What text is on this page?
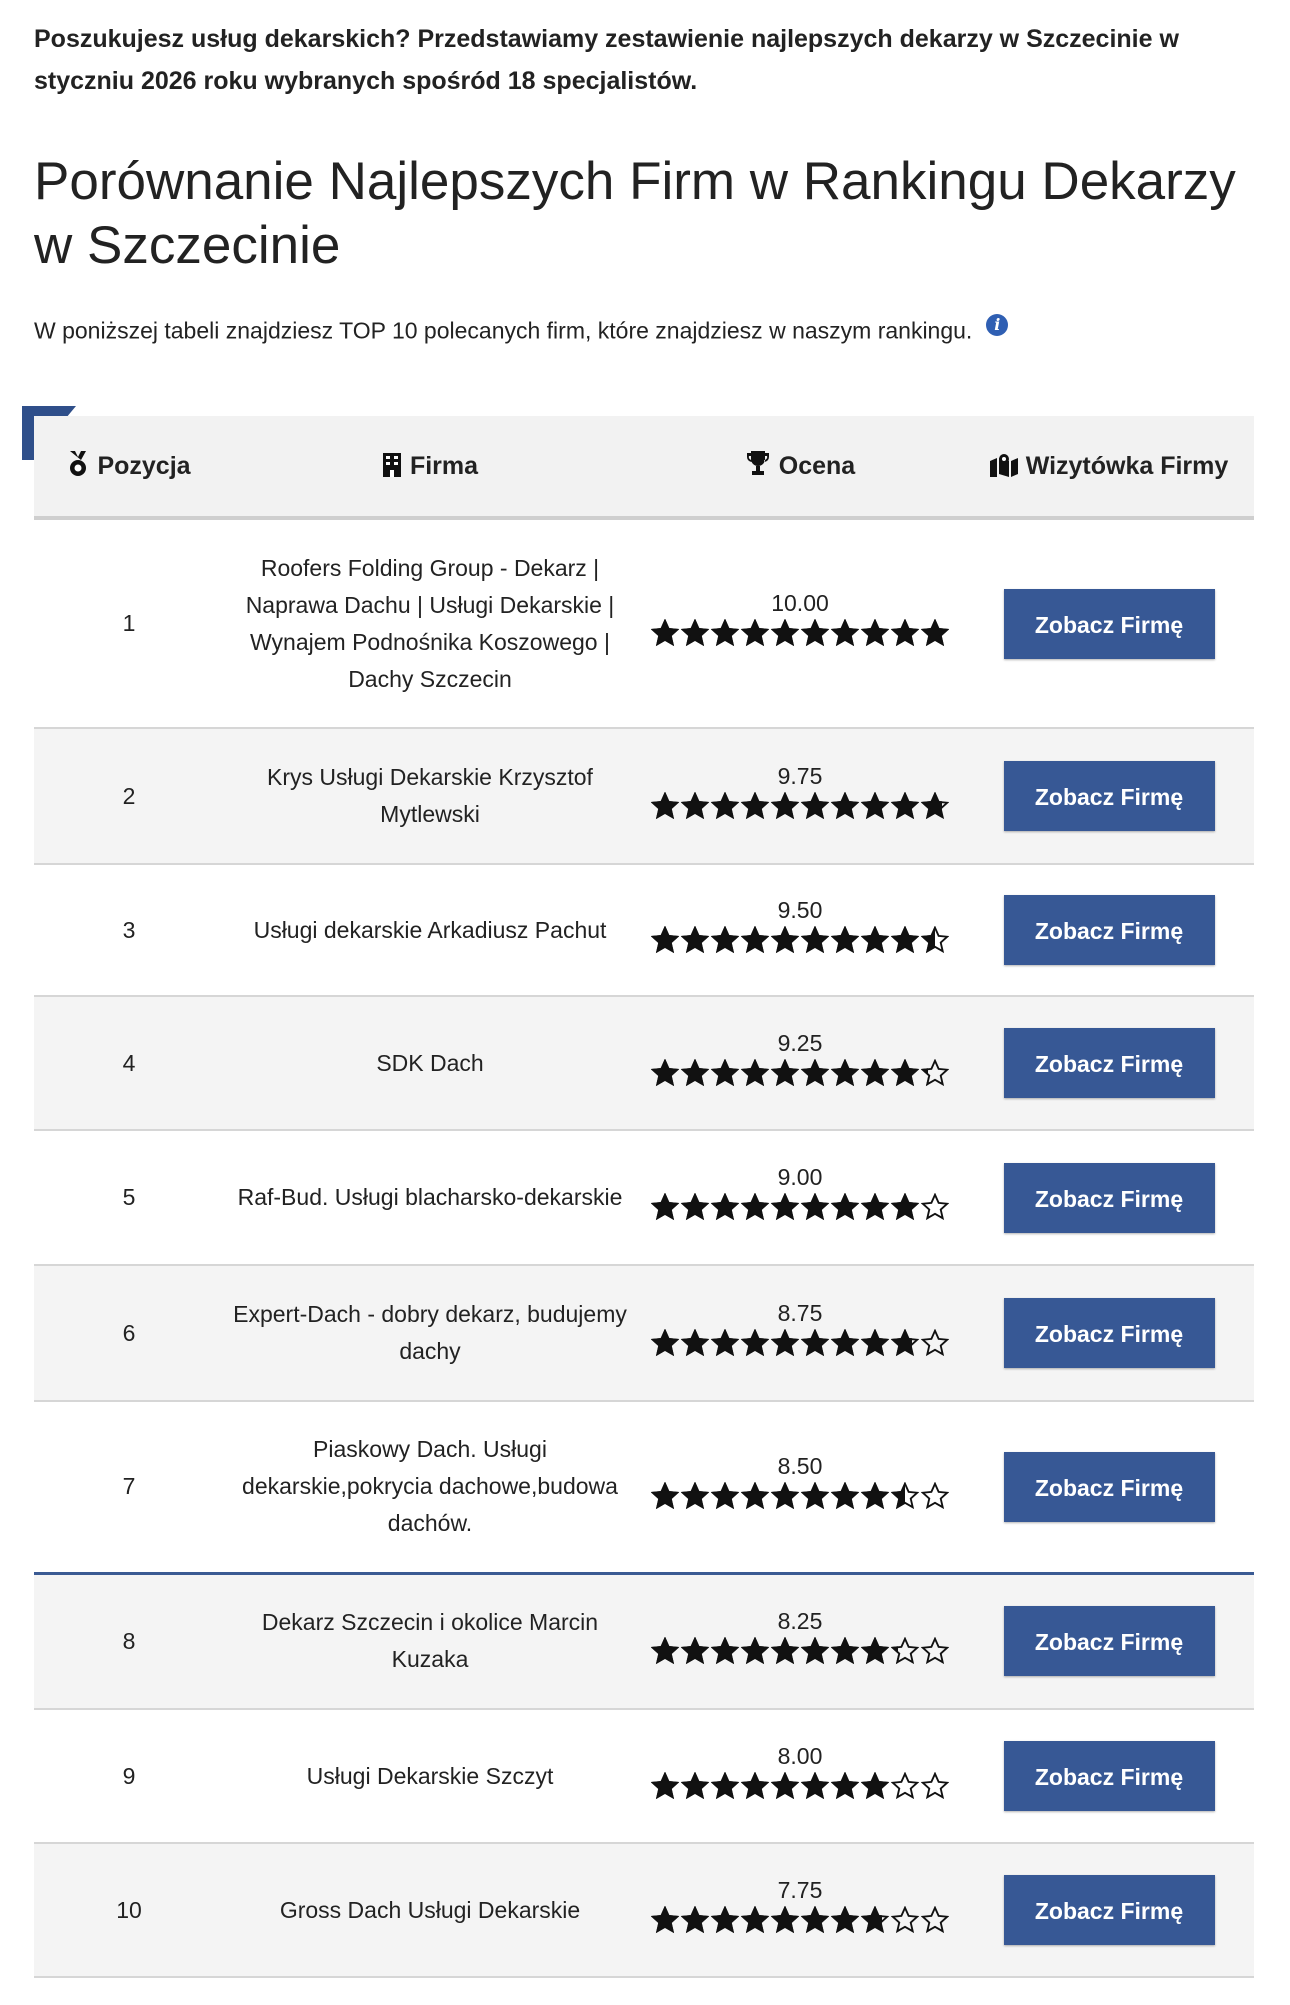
Poszukujesz usług dekarskich? Przedstawiamy zestawienie najlepszych dekarzy w Szczecinie w styczniu 2026 roku wybranych spośród 18 specjalistów.
Porównanie Najlepszych Firm w Rankingu Dekarzy w Szczecinie
W poniższej tabeli znajdziesz TOP 10 polecanych firm, które znajdziesz w naszym rankingu. i
Pozycja	Firma	Ocena	Wizytówka Firmy
1	Roofers Folding Group - Dekarz | Naprawa Dachu | Usługi Dekarskie | Wynajem Podnośnika Koszowego | Dachy Szczecin	10.00	Zobacz Firmę
2	Krys Usługi Dekarskie Krzysztof Mytlewski	9.75	Zobacz Firmę
3	Usługi dekarskie Arkadiusz Pachut	9.50	Zobacz Firmę
4	SDK Dach	9.25	Zobacz Firmę
5	Raf-Bud. Usługi blacharsko-dekarskie	9.00	Zobacz Firmę
6	Expert-Dach - dobry dekarz, budujemy dachy	8.75	Zobacz Firmę
7	Piaskowy Dach. Usługi dekarskie,pokrycia dachowe,budowa dachów.	8.50	Zobacz Firmę
8	Dekarz Szczecin i okolice Marcin Kuzaka	8.25	Zobacz Firmę
9	Usługi Dekarskie Szczyt	8.00	Zobacz Firmę
10	Gross Dach Usługi Dekarskie	7.75	Zobacz Firmę
